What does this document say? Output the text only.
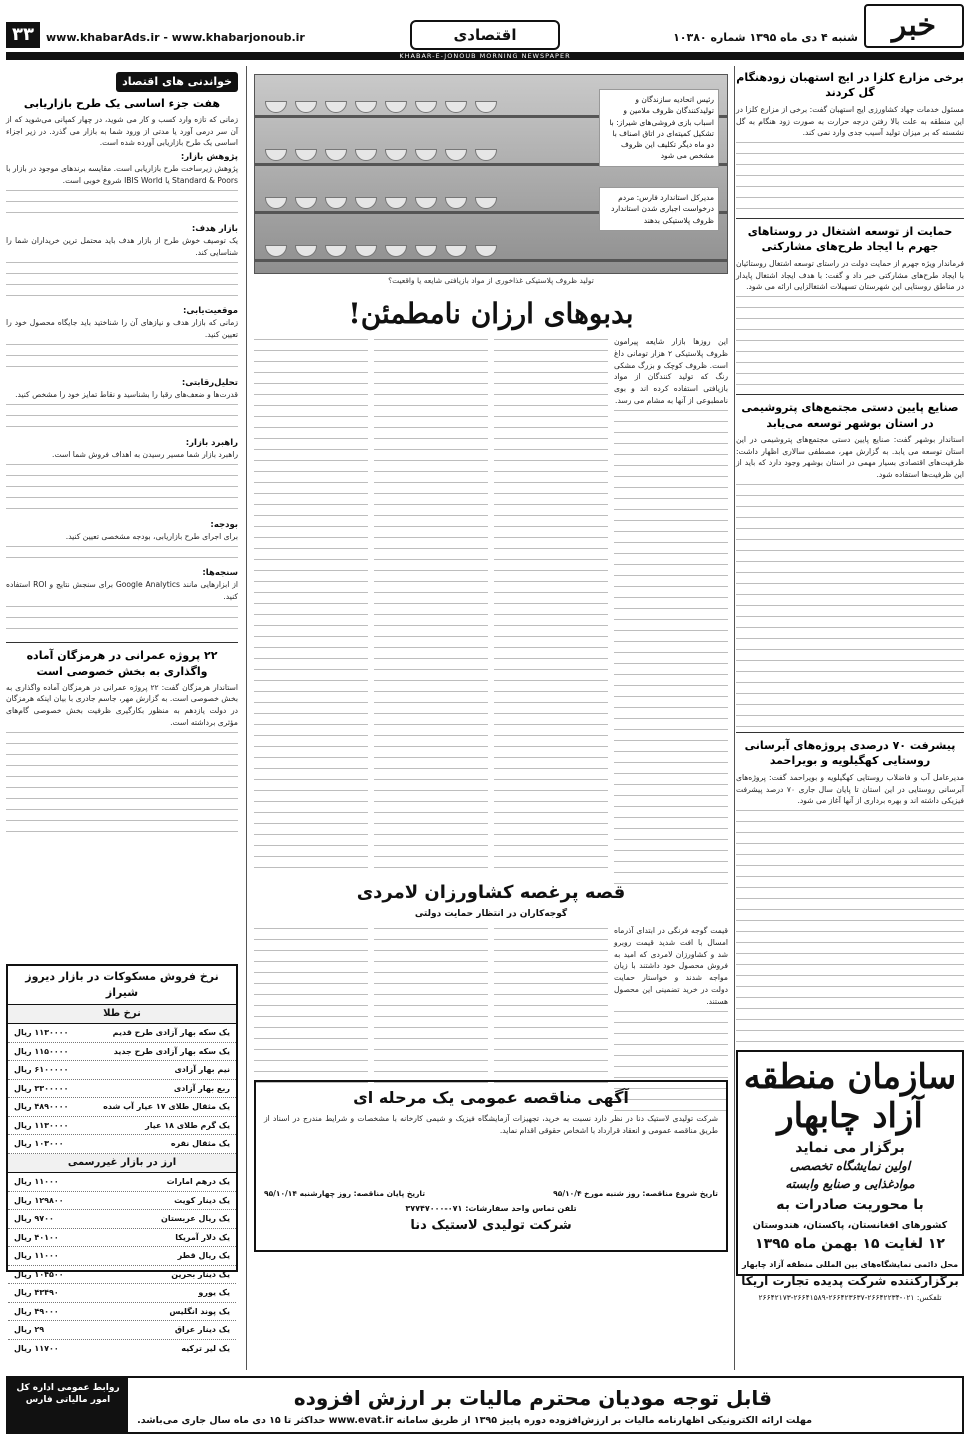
خبر
شنبه ۴ دی ماه ۱۳۹۵ شماره ۱۰۳۸۰
اقتصادی
www.khabarAds.ir - www.khabarjonoub.ir
۳۳
KHABAR-E-JONOUB MORNING NEWSPAPER
برخی مزارع کلزا در ایج استهبان زودهنگام گل کردند
مسئول خدمات جهاد کشاورزی ایج استهبان گفت: برخی از مزارع کلزا در این منطقه به علت بالا رفتن درجه حرارت به صورت زود هنگام به گل نشسته که بر میزان تولید آسیب جدی وارد نمی کند.
حمایت از توسعه اشتغال در روستاهای جهرم با ایجاد طرح‌های مشارکتی
فرماندار ویژه جهرم از حمایت دولت در راستای توسعه اشتغال روستائیان با ایجاد طرح‌های مشارکتی خبر داد و گفت: با هدف ایجاد اشتغال پایدار در مناطق روستایی این شهرستان تسهیلات اشتغالزایی ارائه می شود.
صنایع پایین دستی مجتمع‌های پتروشیمی در استان بوشهر توسعه می‌یابد
استاندار بوشهر گفت: صنایع پایین دستی مجتمع‌های پتروشیمی در این استان توسعه می یابد. به گزارش مهر، مصطفی سالاری اظهار داشت: ظرفیت‌های اقتصادی بسیار مهمی در استان بوشهر وجود دارد که باید از این ظرفیت‌ها استفاده شود.
پیشرفت ۷۰ درصدی پروژه‌های آبرسانی روستایی کهگیلویه و بویراحمد
مدیرعامل آب و فاضلاب روستایی کهگیلویه و بویراحمد گفت: پروژه‌های آبرسانی روستایی در این استان تا پایان سال جاری ۷۰ درصد پیشرفت فیزیکی داشته اند و بهره برداری از آنها آغاز می شود.
سازمان منطقه
آزاد چابهار
برگزار می نماید
اولین نمایشگاه تخصصی
موادغذایی و صنایع وابسته
با محوریت صادرات به
کشورهای افغانستان، پاکستان، هندوستان
۱۲ لغایت ۱۵ بهمن ماه ۱۳۹۵
محل دائمی نمایشگاه‌های بین المللی منطقه آزاد چابهار
برگزارکننده شرکت پدیده تجارت آریکا
تلفکس: ۰۲۱-۲۶۶۴۲۲۳۴-۲۶۶۴۲۳۶۳۷-۲۶۶۴۱۵۸۹-۲۶۶۴۲۱۷۳
رئیس اتحادیه سازندگان و تولیدکنندگان ظروف ملامین و اسباب بازی فروشی‌های شیراز: با تشکیل کمیته‌ای در اتاق اصناف با دو ماه دیگر تکلیف این ظروف مشخص می شود
مدیرکل استاندارد فارس: مردم درخواست اجباری شدن استاندارد ظروف پلاستیکی بدهند
تولید ظروف پلاستیکی غذاخوری از مواد بازیافتی شایعه یا واقعیت؟
بدبوهای ارزان نامطمئن!
این روزها بازار شایعه پیرامون ظروف پلاستیکی ۲ هزار تومانی داغ است. ظروف کوچک و بزرگ مشکی رنگ که تولید کنندگان از مواد بازیافتی استفاده کرده اند و بوی نامطبوعی از آنها به مشام می رسد.
قصه پرغصه کشاورزان لامردی
گوجه‌کاران در انتظار حمایت دولتی
قیمت گوجه فرنگی در ابتدای آذرماه امسال با افت شدید قیمت روبرو شد و کشاورزان لامردی که امید به فروش محصول خود داشتند با زیان مواجه شدند و خواستار حمایت دولت در خرید تضمینی این محصول هستند.
آگهی مناقصه عمومی یک مرحله ای
شرکت تولیدی لاستیک دنا در نظر دارد نسبت به خرید، تجهیزات آزمایشگاه فیزیک و شیمی کارخانه با مشخصات و شرایط مندرج در اسناد از طریق مناقصه عمومی و انعقاد قرارداد با اشخاص حقوقی اقدام نماید.
تاریخ شروع مناقصه: روز شنبه مورخ ۹۵/۱۰/۴
تاریخ پایان مناقصه: روز چهارشنبه ۹۵/۱۰/۱۴
تلفن تماس واحد سفارشات: ۰۷۱-۳۷۷۴۷۰۰۰
شرکت تولیدی لاستیک دنا
خواندنی های اقتصاد
هفت جزء اساسی یک طرح بازاریابی
زمانی که تازه وارد کسب و کار می شوید، در چهار کمپانی می‌شوید که از آن سر درمی آورد یا مدتی از ورود شما به بازار می گذرد. در زیر اجزاء اساسی یک طرح بازاریابی آورده شده است.
پژوهش بازار:
پژوهش زیرساخت طرح بازاریابی است. مقایسه برندهای موجود در بازار با Standard & Poors یا IBIS World شروع خوبی است.
بازار هدف:
یک توصیف خوش طرح از بازار هدف باید محتمل ترین خریداران شما را شناسایی کند.
موقعیت‌یابی:
زمانی که بازار هدف و نیازهای آن را شناختید باید جایگاه محصول خود را تعیین کنید.
تحلیل‌رقابتی:
قدرت‌ها و ضعف‌های رقبا را بشناسید و نقاط تمایز خود را مشخص کنید.
راهبرد بازار:
راهبرد بازار شما مسیر رسیدن به اهداف فروش شما است.
بودجه:
برای اجرای طرح بازاریابی، بودجه مشخصی تعیین کنید.
سنجه‌ها:
از ابزارهایی مانند Google Analytics برای سنجش نتایج و ROI استفاده کنید.
۲۲ پروژه عمرانی در هرمزگان آماده واگذاری به بخش خصوصی است
استاندار هرمزگان گفت: ۲۲ پروژه عمرانی در هرمزگان آماده واگذاری به بخش خصوصی است. به گزارش مهر، جاسم جادری با بیان اینکه هرمزگان در دولت یازدهم به منظور بکارگیری ظرفیت بخش خصوصی گام‌های مؤثری برداشته است.
نرخ فروش مسکوکات در بازار دیروز شیراز
نرخ طلا
یک سکه بهار آزادی طرح قدیم
۱۱۳۰۰۰۰ ریال
یک سکه بهار آزادی طرح جدید
۱۱۵۰۰۰۰ ریال
نیم بهار آزادی
۶۱۰۰۰۰۰ ریال
ربع بهار آزادی
۳۳۰۰۰۰۰ ریال
یک مثقال طلای ۱۷ عیار آب شده
۴۸۹۰۰۰۰ ریال
یک گرم طلای ۱۸ عیار
۱۱۳۰۰۰۰ ریال
یک مثقال نقره
۱۰۳۰۰۰ ریال
ارز در بازار غیررسمی
یک درهم امارات
۱۱۰۰۰ ریال
یک دینار کویت
۱۲۹۸۰۰ ریال
یک ریال عربستان
۹۷۰۰ ریال
یک دلار آمریکا
۴۰۱۰۰ ریال
یک ریال قطر
۱۱۰۰۰ ریال
یک دینار بحرین
۱۰۴۵۰۰ ریال
یک یورو
۴۳۴۹۰ ریال
یک پوند انگلیس
۴۹۰۰۰ ریال
یک دینار عراق
۲۹ ریال
یک لیر ترکیه
۱۱۷۰۰ ریال
قابل توجه مودیان محترم مالیات بر ارزش افزوده
مهلت ارائه الکترونیکی اظهارنامه مالیات بر ارزش‌افزوده دوره پاییز ۱۳۹۵ از طریق سامانه www.evat.ir حداکثر تا ۱۵ دی ماه سال جاری می‌باشد.
روابط عمومی اداره کل امور مالیاتی فارس
